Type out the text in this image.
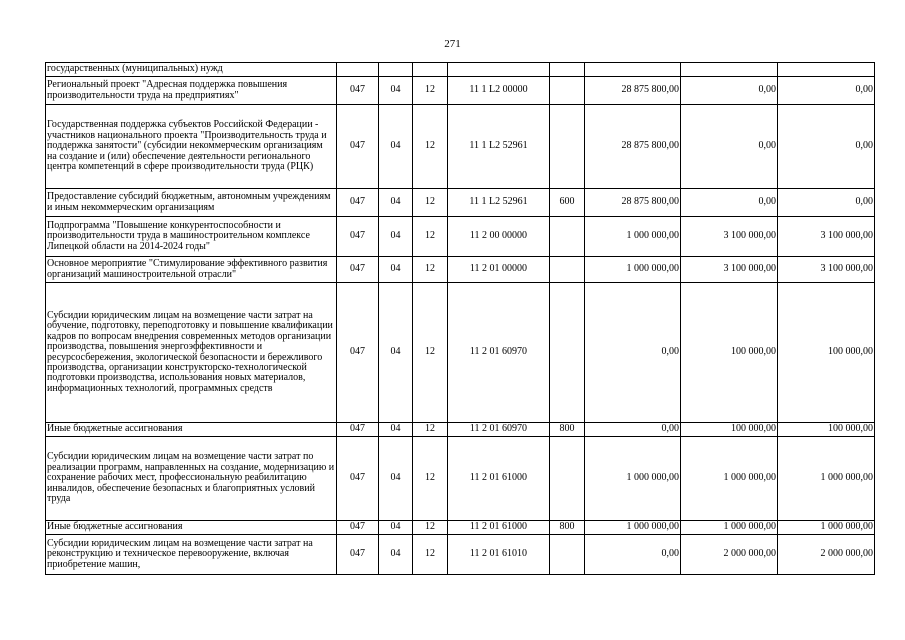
271
государственных (муниципальных) нужд								
Региональный проект "Адресная поддержка повышения производительности труда на предприятиях"	047	04	12	11 1 L2 00000		28 875 800,00	0,00	0,00
Государственная поддержка субъектов Российской Федерации - участников национального проекта "Производительность труда и поддержка занятости" (субсидии некоммерческим организациям на создание и (или) обеспечение деятельности регионального центра компетенций в сфере производительности труда (РЦК)	047	04	12	11 1 L2 52961		28 875 800,00	0,00	0,00
Предоставление субсидий бюджетным, автономным учреждениям и иным некоммерческим организациям	047	04	12	11 1 L2 52961	600	28 875 800,00	0,00	0,00
Подпрограмма "Повышение конкурентоспособности и производительности труда в машиностроительном комплексе Липецкой области на 2014-2024 годы"	047	04	12	11 2 00 00000		1 000 000,00	3 100 000,00	3 100 000,00
Основное мероприятие "Стимулирование эффективного развития организаций машиностроительной отрасли"	047	04	12	11 2 01 00000		1 000 000,00	3 100 000,00	3 100 000,00
Субсидии юридическим лицам на возмещение части затрат на обучение, подготовку, переподготовку и повышение квалификации кадров по вопросам внедрения современных методов организации производства, повышения энергоэффективности и ресурсосбережения, экологической безопасности и бережливого производства, организации конструкторско-технологической подготовки производства, использования новых материалов, информационных технологий, программных средств	047	04	12	11 2 01 60970		0,00	100 000,00	100 000,00
Иные бюджетные ассигнования	047	04	12	11 2 01 60970	800	0,00	100 000,00	100 000,00
Субсидии юридическим лицам на возмещение части затрат по реализации программ, направленных на создание, модернизацию и сохранение рабочих мест, профессиональную реабилитацию инвалидов, обеспечение безопасных и благоприятных условий труда	047	04	12	11 2 01 61000		1 000 000,00	1 000 000,00	1 000 000,00
Иные бюджетные ассигнования	047	04	12	11 2 01 61000	800	1 000 000,00	1 000 000,00	1 000 000,00
Субсидии юридическим лицам на возмещение части затрат на реконструкцию и техническое перевооружение, включая приобретение машин,	047	04	12	11 2 01 61010		0,00	2 000 000,00	2 000 000,00
